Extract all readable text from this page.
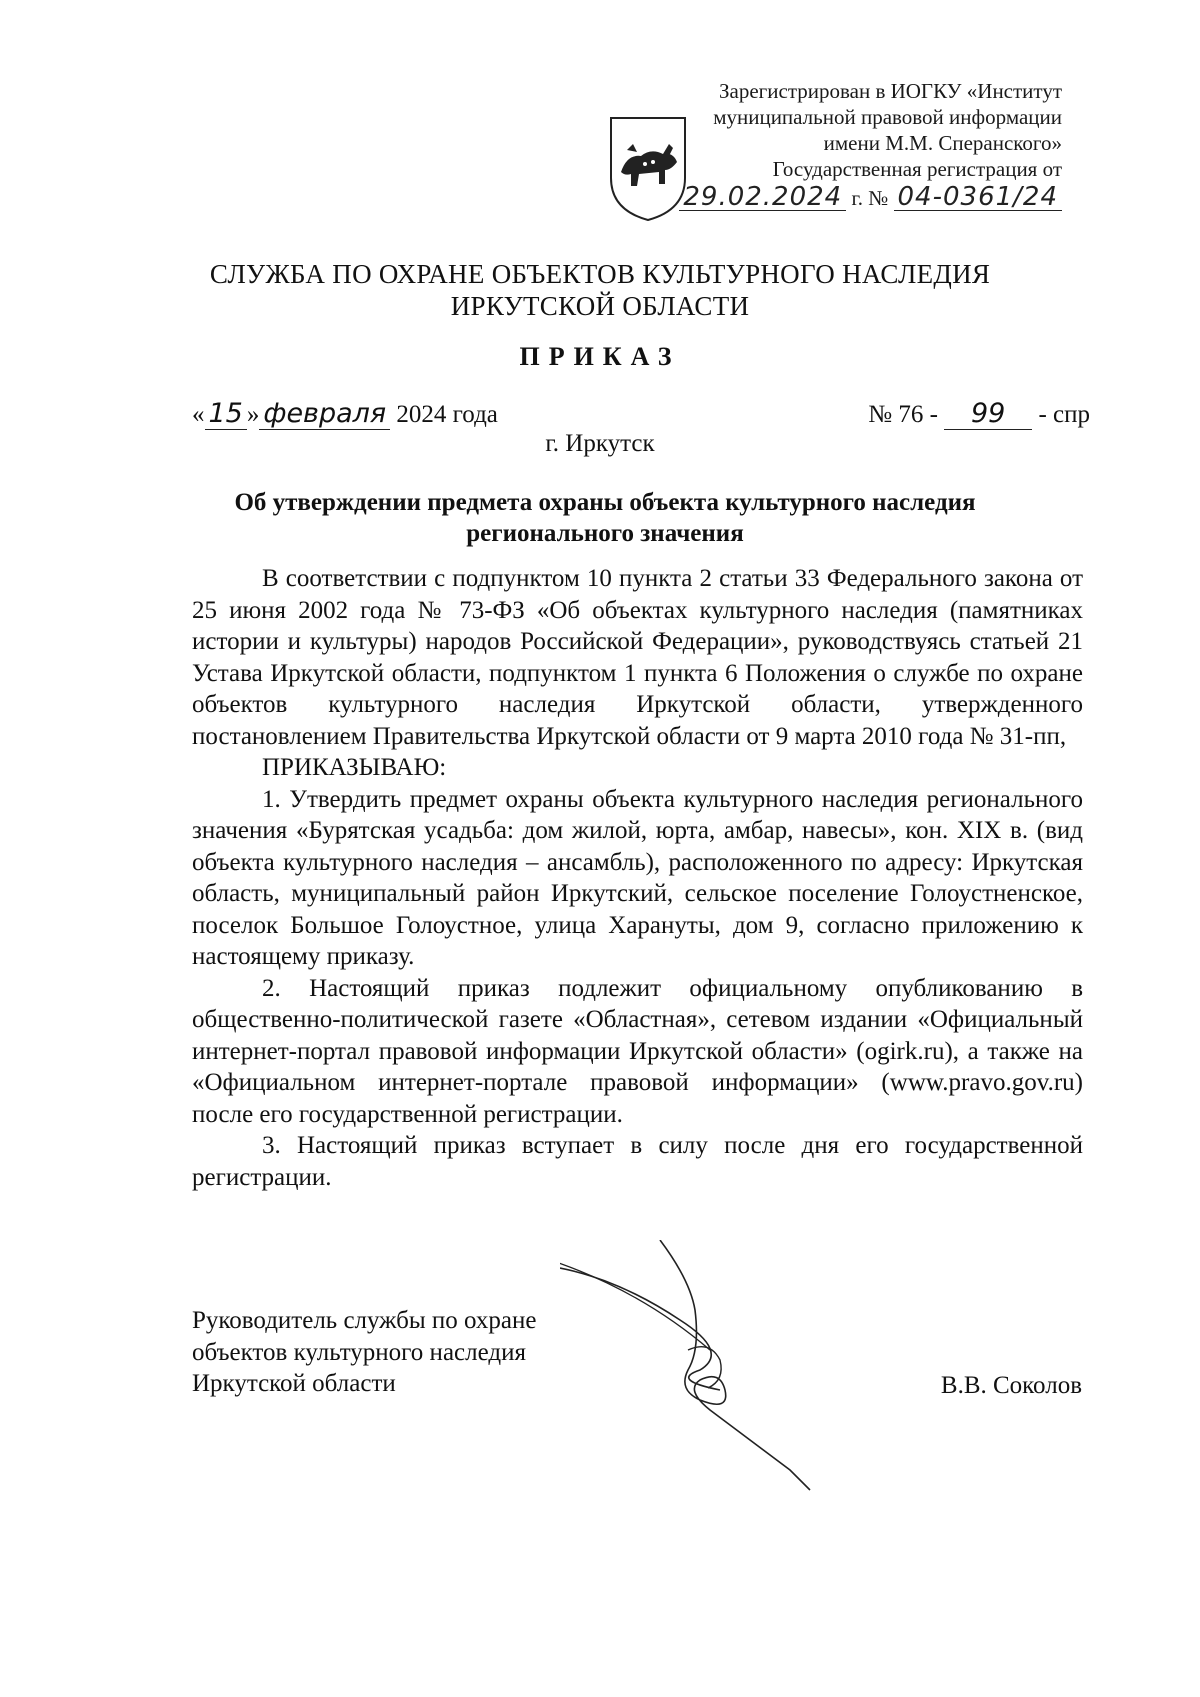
Зарегистрирован в ИОГКУ «Институт
муниципальной правовой информации
имени М.М. Сперанского»
Государственная регистрация от
29.02.2024 г. № 04-0361/24
СЛУЖБА ПО ОХРАНЕ ОБЪЕКТОВ КУЛЬТУРНОГО НАСЛЕДИЯ
ИРКУТСКОЙ ОБЛАСТИ
ПРИКАЗ
« 15 » февраля 2024 года	№ 76 - 99 - спр
г. Иркутск
Об утверждении предмета охраны объекта культурного наследия
регионального значения

В соответствии с подпунктом 10 пункта 2 статьи 33 Федерального закона от 25 июня 2002 года № 73-ФЗ «Об объектах культурного наследия (памятниках истории и культуры) народов Российской Федерации», руководствуясь статьей 21 Устава Иркутской области, подпунктом 1 пункта 6 Положения о службе по охране объектов культурного наследия Иркутской области, утвержденного постановлением Правительства Иркутской области от 9 марта 2010 года № 31-пп,

ПРИКАЗЫВАЮ:

1. Утвердить предмет охраны объекта культурного наследия регионального значения «Бурятская усадьба: дом жилой, юрта, амбар, навесы», кон. XIX в. (вид объекта культурного наследия – ансамбль), расположенного по адресу: Иркутская область, муниципальный район Иркутский, сельское поселение Голоустненское, поселок Большое Голоустное, улица Харануты, дом 9, согласно приложению к настоящему приказу.

2. Настоящий приказ подлежит официальному опубликованию в общественно-политической газете «Областная», сетевом издании «Официальный интернет-портал правовой информации Иркутской области» (ogirk.ru), а также на «Официальном интернет-портале правовой информации» (www.pravo.gov.ru) после его государственной регистрации.

3. Настоящий приказ вступает в силу после дня его государственной регистрации.

Руководитель службы по охране
объектов культурного наследия
Иркутской области	В.В. Соколов
